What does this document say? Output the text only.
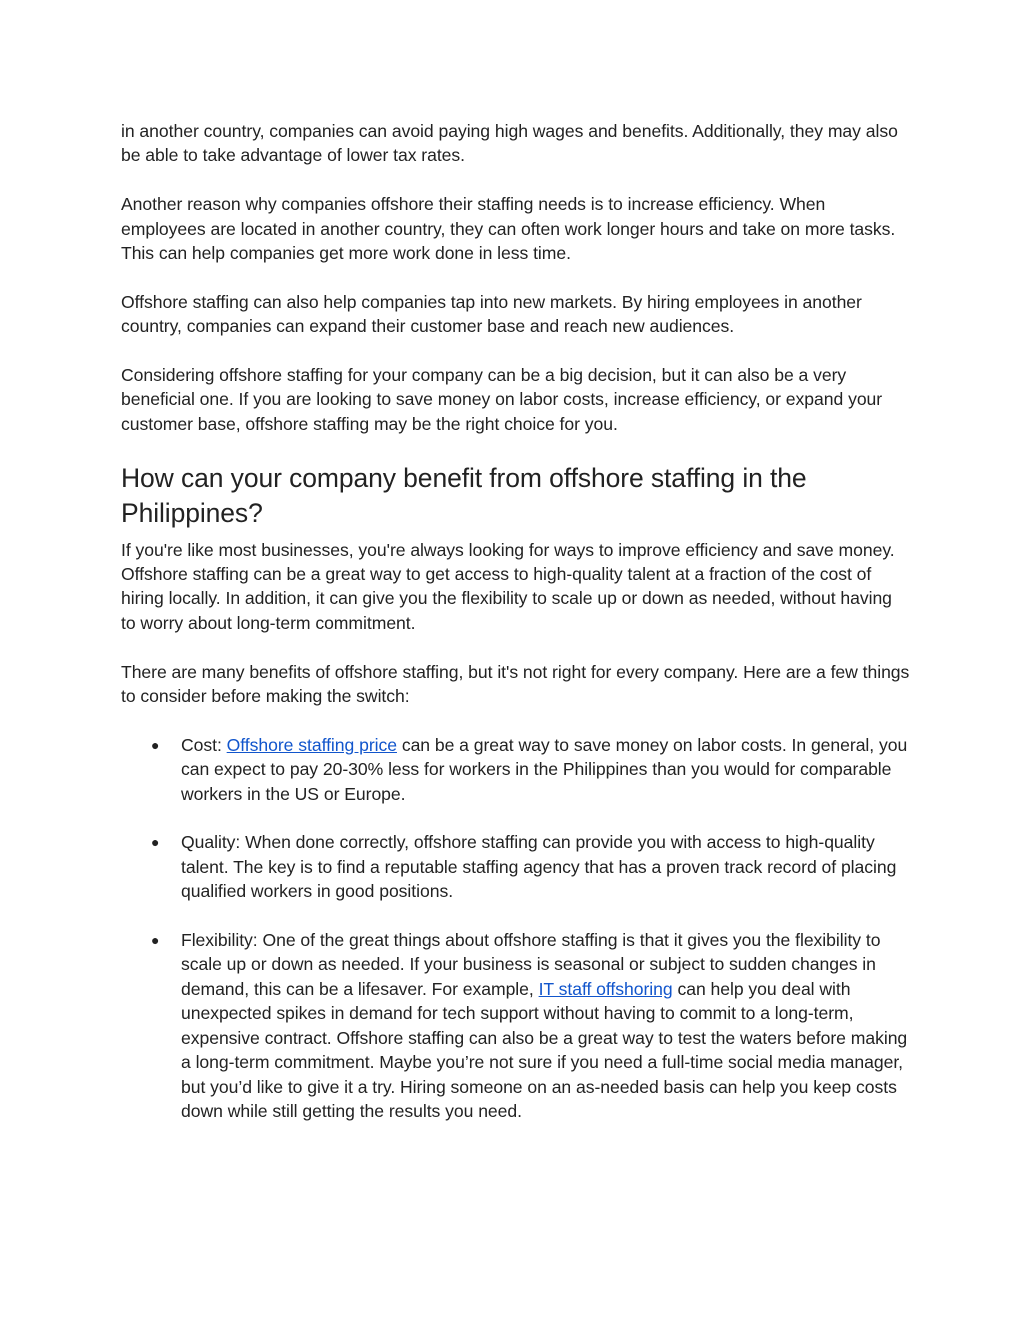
in another country, companies can avoid paying high wages and benefits. Additionally, they may also be able to take advantage of lower tax rates.

Another reason why companies offshore their staffing needs is to increase efficiency. When employees are located in another country, they can often work longer hours and take on more tasks. This can help companies get more work done in less time.

Offshore staffing can also help companies tap into new markets. By hiring employees in another country, companies can expand their customer base and reach new audiences.

Considering offshore staffing for your company can be a big decision, but it can also be a very beneficial one. If you are looking to save money on labor costs, increase efficiency, or expand your customer base, offshore staffing may be the right choice for you.

How can your company benefit from offshore staffing in the Philippines?

If you're like most businesses, you're always looking for ways to improve efficiency and save money. Offshore staffing can be a great way to get access to high-quality talent at a fraction of the cost of hiring locally. In addition, it can give you the flexibility to scale up or down as needed, without having to worry about long-term commitment.

There are many benefits of offshore staffing, but it's not right for every company. Here are a few things to consider before making the switch:

● Cost: Offshore staffing price can be a great way to save money on labor costs. In general, you can expect to pay 20-30% less for workers in the Philippines than you would for comparable workers in the US or Europe.
● Quality: When done correctly, offshore staffing can provide you with access to high-quality talent. The key is to find a reputable staffing agency that has a proven track record of placing qualified workers in good positions.
● Flexibility: One of the great things about offshore staffing is that it gives you the flexibility to scale up or down as needed. If your business is seasonal or subject to sudden changes in demand, this can be a lifesaver. For example, IT staff offshoring can help you deal with unexpected spikes in demand for tech support without having to commit to a long-term, expensive contract. Offshore staffing can also be a great way to test the waters before making a long-term commitment. Maybe you’re not sure if you need a full-time social media manager, but you’d like to give it a try. Hiring someone on an as-needed basis can help you keep costs down while still getting the results you need.
